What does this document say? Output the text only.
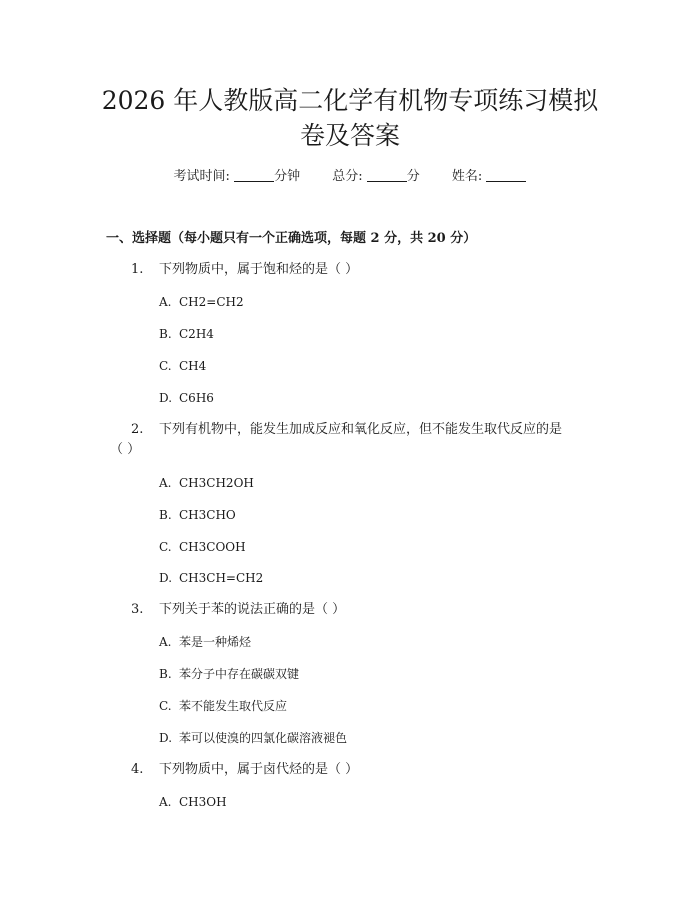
2026 年人教版高二化学有机物专项练习模拟
卷及答案
考试时间:	分钟 总分:	分 姓名:
一、选择题（每小题只有一个正确选项，每题 2 分，共 20 分）
1.	下列物质中，属于饱和烃的是（ ）
A. CH2=CH2
B. C2H4
C. CH4
D. C6H6
2.	下列有机物中，能发生加成反应和氧化反应，但不能发生取代反应的是
（ ）
A. CH3CH2OH
B. CH3CHO
C. CH3COOH
D. CH3CH=CH2
3.	下列关于苯的说法正确的是（ ）
A. 苯是一种烯烃
B. 苯分子中存在碳碳双键
C. 苯不能发生取代反应
D. 苯可以使溴的四氯化碳溶液褪色
4.	下列物质中，属于卤代烃的是（ ）
A. CH3OH
